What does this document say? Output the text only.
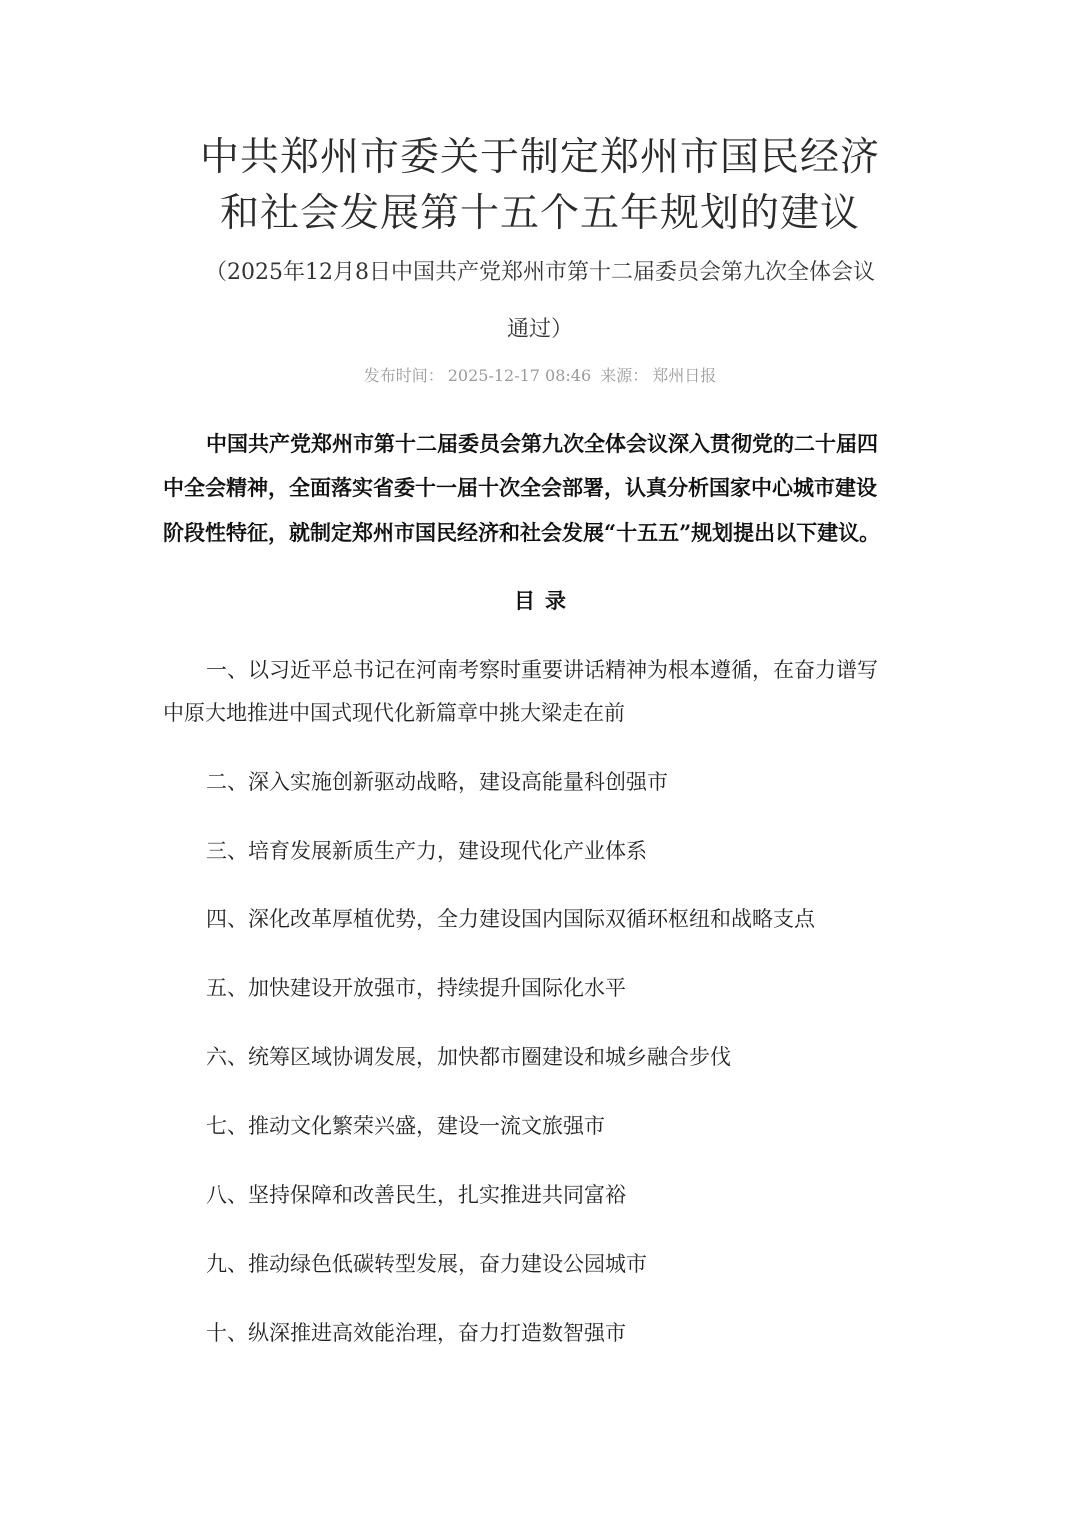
中共郑州市委关于制定郑州市国民经济
和社会发展第十五个五年规划的建议
（2025年12月8日中国共产党郑州市第十二届委员会第九次全体会议
通过）
发布时间： 2025-12-17 08:46 来源： 郑州日报
中国共产党郑州市第十二届委员会第九次全体会议深入贯彻党的二十届四
中全会精神，全面落实省委十一届十次全会部署，认真分析国家中心城市建设
阶段性特征，就制定郑州市国民经济和社会发展“十五五”规划提出以下建议。
目录
一、以习近平总书记在河南考察时重要讲话精神为根本遵循，在奋力谱写
中原大地推进中国式现代化新篇章中挑大梁走在前
二、深入实施创新驱动战略，建设高能量科创强市
三、培育发展新质生产力，建设现代化产业体系
四、深化改革厚植优势，全力建设国内国际双循环枢纽和战略支点
五、加快建设开放强市，持续提升国际化水平
六、统筹区域协调发展，加快都市圈建设和城乡融合步伐
七、推动文化繁荣兴盛，建设一流文旅强市
八、坚持保障和改善民生，扎实推进共同富裕
九、推动绿色低碳转型发展，奋力建设公园城市
十、纵深推进高效能治理，奋力打造数智强市
